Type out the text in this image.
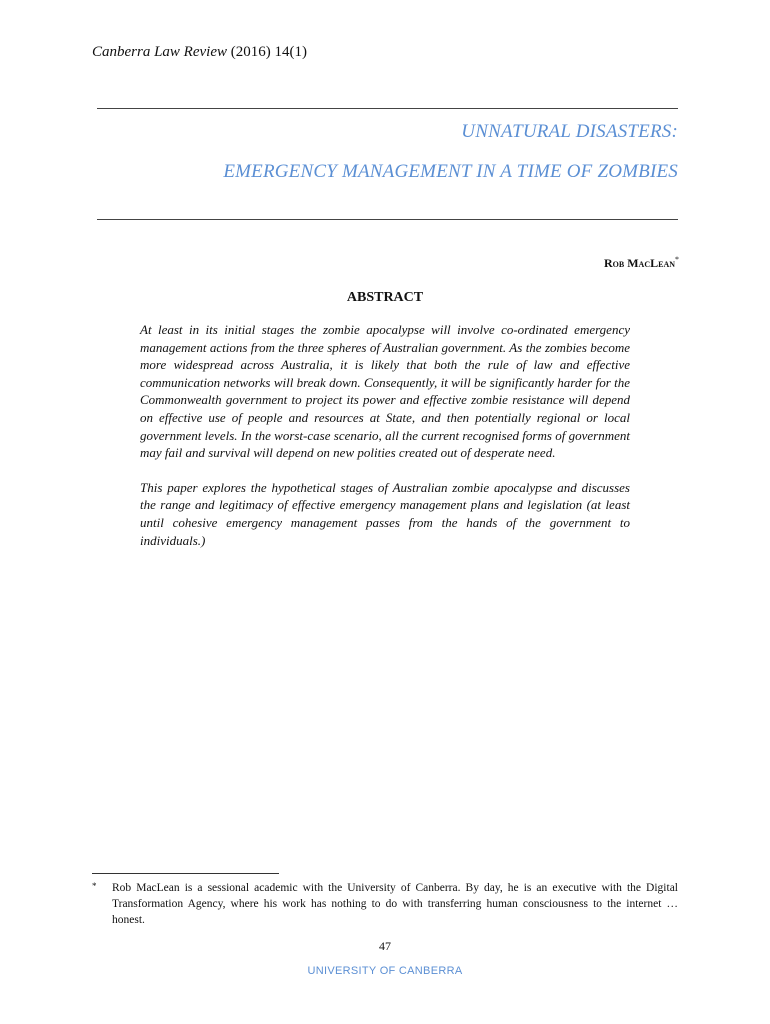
Canberra Law Review (2016) 14(1)
UNNATURAL DISASTERS:
EMERGENCY MANAGEMENT IN A TIME OF ZOMBIES
Rob MacLean*
ABSTRACT

At least in its initial stages the zombie apocalypse will involve co-ordinated emergency management actions from the three spheres of Australian government. As the zombies become more widespread across Australia, it is likely that both the rule of law and effective communication networks will break down. Consequently, it will be significantly harder for the Commonwealth government to project its power and effective zombie resistance will depend on effective use of people and resources at State, and then potentially regional or local government levels. In the worst-case scenario, all the current recognised forms of government may fail and survival will depend on new polities created out of desperate need.

This paper explores the hypothetical stages of Australian zombie apocalypse and discusses the range and legitimacy of effective emergency management plans and legislation (at least until cohesive emergency management passes from the hands of the government to individuals.)

* Rob MacLean is a sessional academic with the University of Canberra. By day, he is an executive with the Digital Transformation Agency, where his work has nothing to do with transferring human consciousness to the internet … honest.
47
UNIVERSITY OF CANBERRA
